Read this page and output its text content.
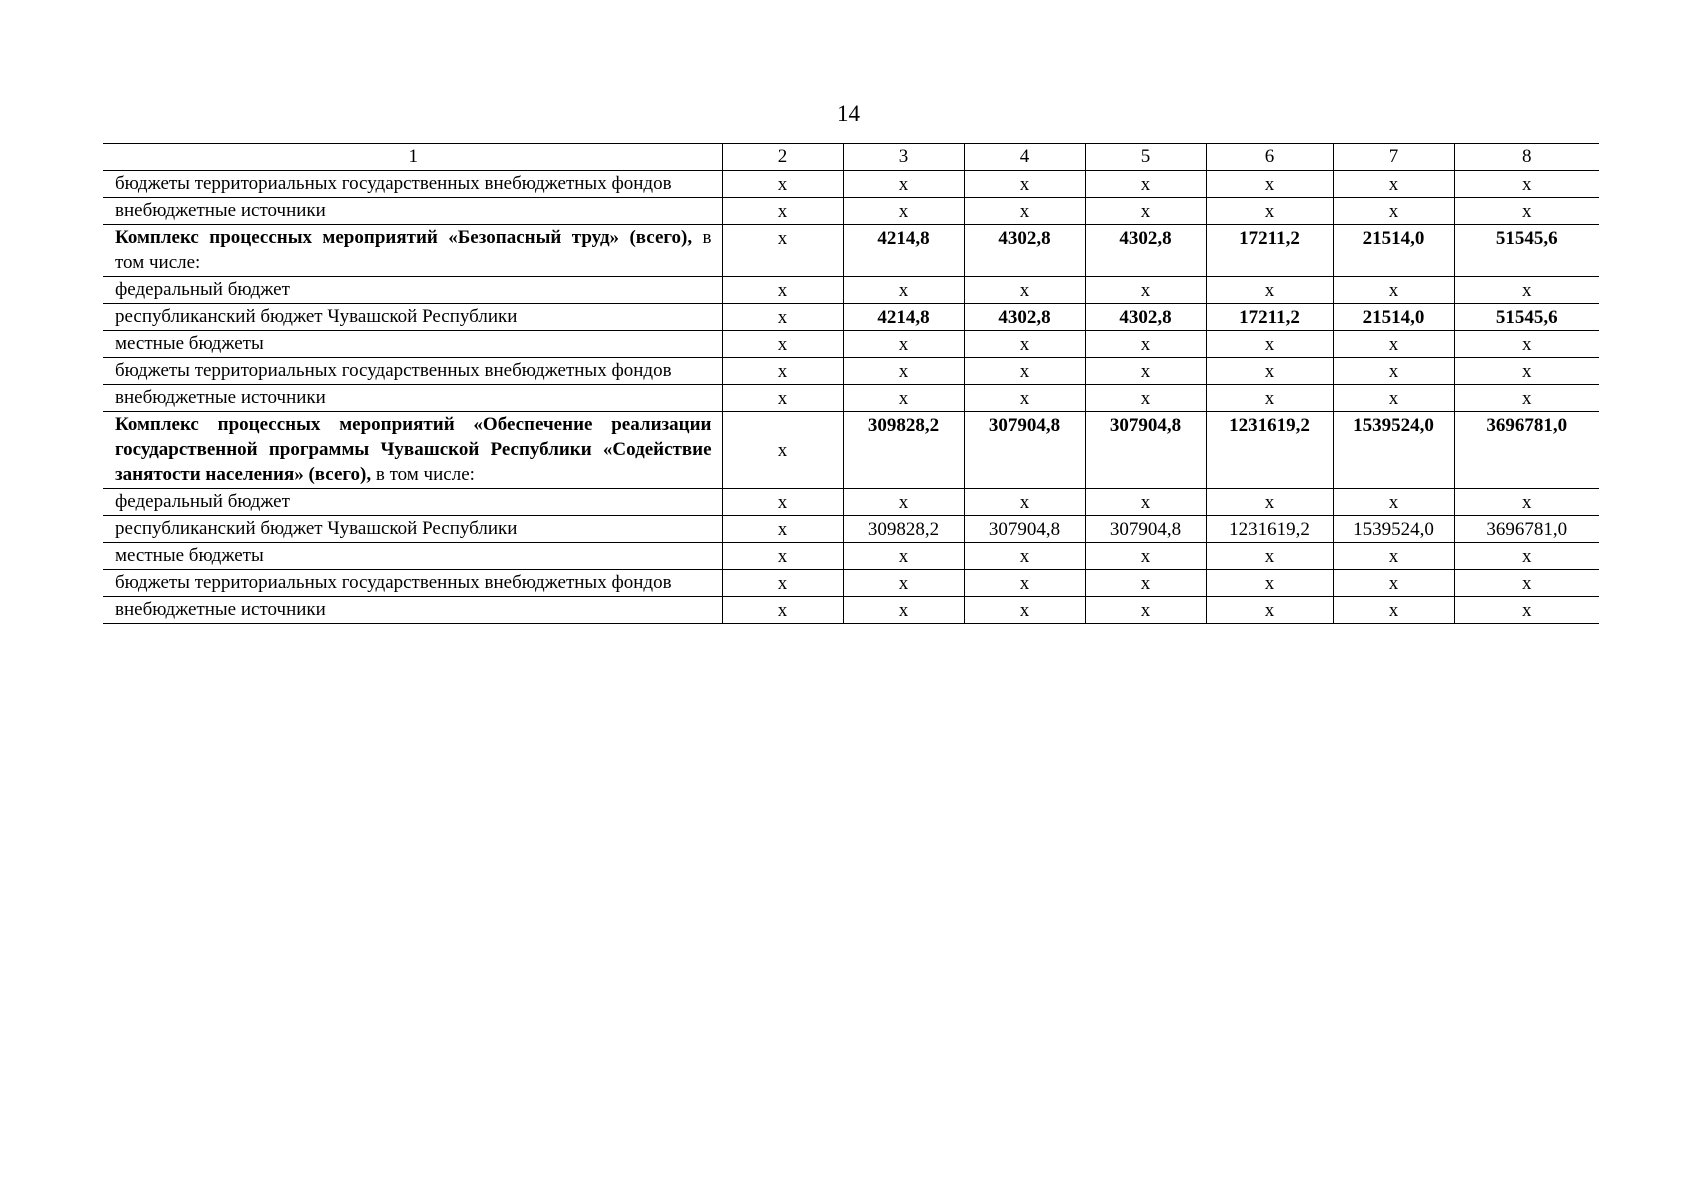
14
1	2	3	4	5	6	7	8
бюджеты территориальных государственных внебюджетных фондов	х	х	х	х	х	х	х
внебюджетные источники	х	х	х	х	х	х	х
Комплекс процессных мероприятий «Безопасный труд» (всего), в том числе:	х	4214,8	4302,8	4302,8	17211,2	21514,0	51545,6
федеральный бюджет	х	х	х	х	х	х	х
республиканский бюджет Чувашской Республики	х	4214,8	4302,8	4302,8	17211,2	21514,0	51545,6
местные бюджеты	х	х	х	х	х	х	х
бюджеты территориальных государственных внебюджетных фондов	х	х	х	х	х	х	х
внебюджетные источники	х	х	х	х	х	х	х
Комплекс процессных мероприятий «Обеспечение реализации государственной программы Чувашской Республики «Содействие занятости населения» (всего), в том числе:	х	309828,2	307904,8	307904,8	1231619,2	1539524,0	3696781,0
федеральный бюджет	х	х	х	х	х	х	х
республиканский бюджет Чувашской Республики	х	309828,2	307904,8	307904,8	1231619,2	1539524,0	3696781,0
местные бюджеты	х	х	х	х	х	х	х
бюджеты территориальных государственных внебюджетных фондов	х	х	х	х	х	х	х
внебюджетные источники	х	х	х	х	х	х	х
